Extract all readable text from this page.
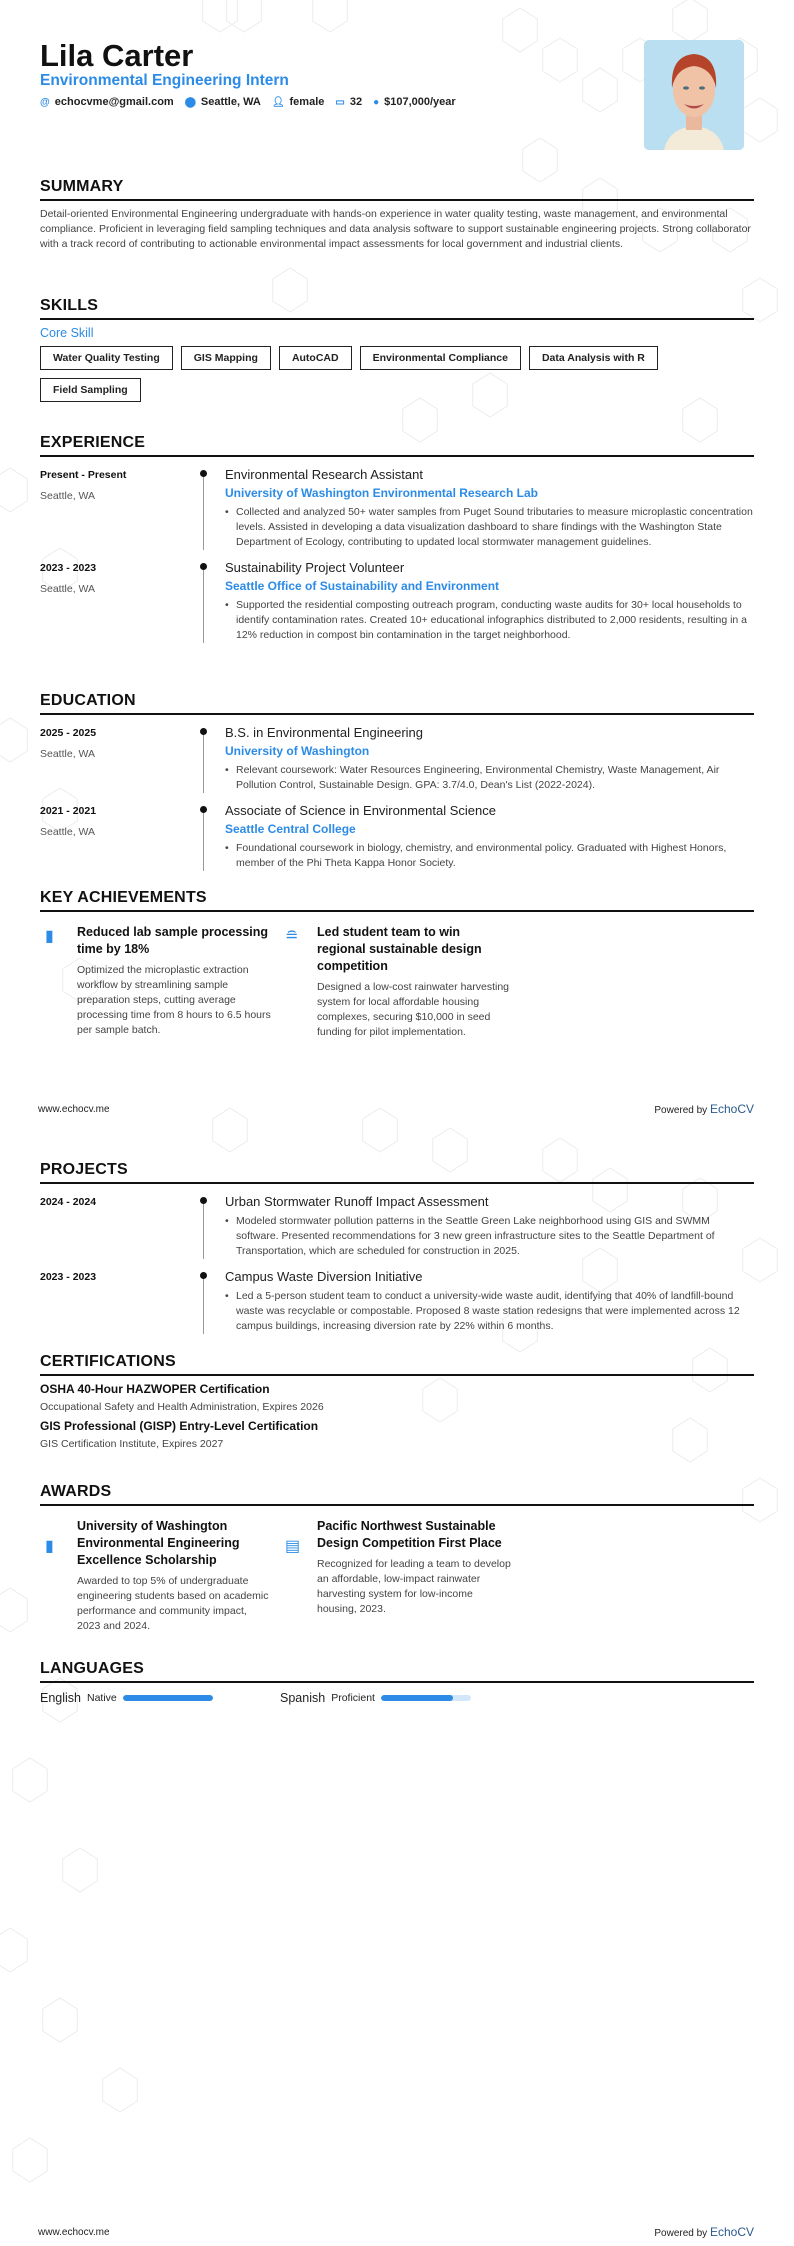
Lila Carter
Environmental Engineering Intern
@ echocvme@gmail.com ⬤ Seattle, WA 👤︎ female ▭ 32 ● $107,000/year
SUMMARY
Detail-oriented Environmental Engineering undergraduate with hands-on experience in water quality testing, waste management, and environmental compliance. Proficient in leveraging field sampling techniques and data analysis software to support sustainable engineering projects. Strong collaborator with a track record of contributing to actionable environmental impact assessments for local government and industrial clients.
SKILLS
Core Skill
Water Quality Testing	GIS Mapping	AutoCAD	Environmental Compliance	Data Analysis with R
Field Sampling
EXPERIENCE
Present - Present
Seattle, WA
Environmental Research Assistant
University of Washington Environmental Research Lab
• Collected and analyzed 50+ water samples from Puget Sound tributaries to measure microplastic concentration levels. Assisted in developing a data visualization dashboard to share findings with the Washington State Department of Ecology, contributing to updated local stormwater management guidelines.
2023 - 2023
Seattle, WA
Sustainability Project Volunteer
Seattle Office of Sustainability and Environment
• Supported the residential composting outreach program, conducting waste audits for 30+ local households to identify contamination rates. Created 10+ educational infographics distributed to 2,000 residents, resulting in a 12% reduction in compost bin contamination in the target neighborhood.
EDUCATION
2025 - 2025
Seattle, WA
B.S. in Environmental Engineering
University of Washington
• Relevant coursework: Water Resources Engineering, Environmental Chemistry, Waste Management, Air Pollution Control, Sustainable Design. GPA: 3.7/4.0, Dean's List (2022-2024).
2021 - 2021
Seattle, WA
Associate of Science in Environmental Science
Seattle Central College
• Foundational coursework in biology, chemistry, and environmental policy. Graduated with Highest Honors, member of the Phi Theta Kappa Honor Society.
KEY ACHIEVEMENTS
▮	Reduced lab sample processing time by 18%
Optimized the microplastic extraction workflow by streamlining sample preparation steps, cutting average processing time from 8 hours to 6.5 hours per sample batch.
≘	Led student team to win regional sustainable design competition
Designed a low-cost rainwater harvesting system for local affordable housing complexes, securing $10,000 in seed funding for pilot implementation.
www.echocv.me	Powered by EchoCV
PROJECTS
2024 - 2024	Urban Stormwater Runoff Impact Assessment
• Modeled stormwater pollution patterns in the Seattle Green Lake neighborhood using GIS and SWMM software. Presented recommendations for 3 new green infrastructure sites to the Seattle Department of Transportation, which are scheduled for construction in 2025.
2023 - 2023	Campus Waste Diversion Initiative
• Led a 5-person student team to conduct a university-wide waste audit, identifying that 40% of landfill-bound waste was recyclable or compostable. Proposed 8 waste station redesigns that were implemented across 12 campus buildings, increasing diversion rate by 22% within 6 months.
CERTIFICATIONS
OSHA 40-Hour HAZWOPER Certification
Occupational Safety and Health Administration, Expires 2026
GIS Professional (GISP) Entry-Level Certification
GIS Certification Institute, Expires 2027
AWARDS
▮
University of Washington Environmental Engineering Excellence Scholarship
Awarded to top 5% of undergraduate engineering students based on academic performance and community impact, 2023 and 2024.
▤
Pacific Northwest Sustainable Design Competition First Place
Recognized for leading a team to develop an affordable, low-impact rainwater harvesting system for low-income housing, 2023.
LANGUAGES
English Native	Spanish Proficient
www.echocv.me	Powered by EchoCV
